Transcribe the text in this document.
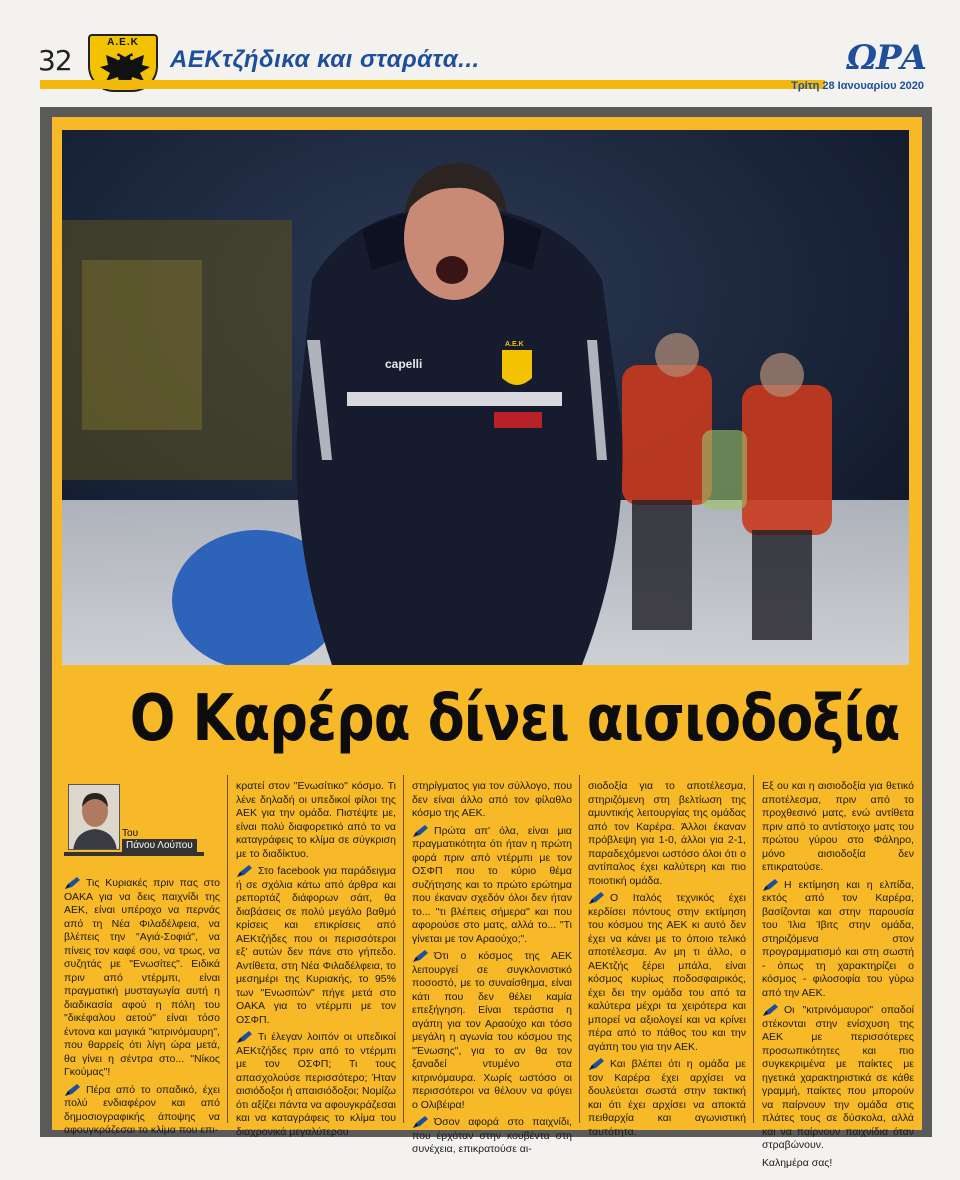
32
Α.Ε.Κ
AEKτζήδικα και σταράτα...	ΩΡΑ
Τρίτη 28 Ιανουαρίου 2020
capelli
Α.Ε.Κ
Ο Καρέρα δίνει αισιοδοξία
Του
Πάνου Λούπου

Τις Κυριακές πριν πας στο ΟΑΚΑ για να δεις παιχνίδι της ΑΕΚ, είναι υπέροχο να περνάς από τη Νέα Φιλαδέλφεια, να βλέπεις την "Αγιά-Σοφιά", να πίνεις τον καφέ σου, να τρως, να συζητάς με "Ενωσίτες". Ειδικά πριν από ντέρμπι, είναι πραγματική μυσταγωγία αυτή η διαδικασία αφού η πόλη του "δικέφαλου αετού" είναι τόσο έντονα και μαγικά "κιτρινόμαυρη", που θαρρείς ότι λίγη ώρα μετά, θα γίνει η σέντρα στο... "Νίκος Γκούμας"!

Πέρα από το οπαδικό, έχει πολύ ενδιαφέρον και από δημοσιογραφικής άποψης να αφουγκράζεσαι το κλίμα που επι-

κρατεί στον "Ενωσίτικο" κόσμο. Τι λένε δηλαδή οι υπεδικοί φίλοι της ΑΕΚ για την ομάδα. Πιστέψτε με, είναι πολύ διαφορετικό από το να καταγράφεις το κλίμα σε σύγκριση με το διαδίκτυο.

Στο facebook για παράδειγμα ή σε σχόλια κάτω από άρθρα και ρεπορτάζ διάφορων σάιτ, θα διαβάσεις σε πολύ μεγάλο βαθμό κρίσεις και επικρίσεις από ΑΕΚτζήδες που οι περισσότεροι εξ' αυτών δεν πάνε στο γήπεδο. Αντίθετα, στη Νέα Φιλαδέλφεια, το μεσημέρι της Κυριακής, το 95% των "Ενωσιτών" πήγε μετά στο ΟΑΚΑ για το ντέρμπι με τον ΟΣΦΠ.

Τι έλεγαν λοιπόν οι υπεδικοί ΑΕΚτζήδες πριν από το ντέρμπι με τον ΟΣΦΠ; Τι τους απασχολούσε περισσότερο; Ήταν αισιόδοξοι ή απαισιόδοξοι; Νομίζω ότι αξίζει πάντα να αφουγκράζεσαι και να καταγράφεις το κλίμα του διαχρονικά μεγαλύτερου

στηρίγματος για τον σύλλογο, που δεν είναι άλλο από τον φίλαθλο κόσμο της ΑΕΚ.

Πρώτα απ' όλα, είναι μια πραγματικότητα ότι ήταν η πρώτη φορά πριν από ντέρμπι με τον ΟΣΦΠ που το κύριο θέμα συζήτησης και το πρώτο ερώτημα που έκαναν σχεδόν όλοι δεν ήταν το... "τι βλέπεις σήμερα" και που αφορούσε στο ματς, αλλά το... "Τι γίνεται με τον Αραούχο;".

Ότι ο κόσμος της ΑΕΚ λειτουργεί σε συγκλονιστικό ποσοστό, με το συναίσθημα, είναι κάτι που δεν θέλει καμία επεξήγηση. Είναι τεράστια η αγάπη για τον Αραούχο και τόσο μεγάλη η αγωνία του κόσμου της "Ένωσης", για το αν θα τον ξαναδεί ντυμένο στα κιτρινόμαυρα. Χωρίς ωστόσο οι περισσότεροι να θέλουν να φύγει ο Ολιβέιρα!

Όσον αφορά στο παιχνίδι, που έρχόταν στην κουβέντα στη συνέχεια, επικρατούσε αι-

σιοδοξία για το αποτέλεσμα, στηριζόμενη στη βελτίωση της αμυντικής λειτουργίας της ομάδας από τον Καρέρα. Άλλοι έκαναν πρόβλεψη για 1-0, άλλοι για 2-1, παραδεχόμενοι ωστόσο όλοι ότι ο αντίπαλος έχει καλύτερη και πιο ποιοτική ομάδα.

Ο Ιταλός τεχνικός έχει κερδίσει πόντους στην εκτίμηση του κόσμου της ΑΕΚ κι αυτό δεν έχει να κάνει με το όποιο τελικό αποτέλεσμα. Αν μη τι άλλο, ο ΑΕΚτζής ξέρει μπάλα, είναι κόσμος κυρίως ποδοσφαιρικός, έχει δει την ομάδα του από τα καλύτερα μέχρι τα χειρότερα και μπορεί να αξιολογεί και να κρίνει πέρα από το πάθος του και την αγάπη του για την ΑΕΚ.

Και βλέπει ότι η ομάδα με τον Καρέρα έχει αρχίσει να δουλεύεται σωστά στην τακτική και ότι έχει αρχίσει να αποκτά πειθαρχία και αγωνιστική ταυτότητα.

Εξ ου και η αισιοδοξία για θετικό αποτέλεσμα, πριν από το προχθεσινό ματς, ενώ αντίθετα πριν από το αντίστοιχο ματς του πρώτου γύρου στο Φάληρο, μόνο αισιοδοξία δεν επικρατούσε.

Η εκτίμηση και η ελπίδα, εκτός από τον Καρέρα, βασίζονται και στην παρουσία του Ίλια Ίβιτς στην ομάδα, στηριζόμενα στον προγραμματισμό και στη σωστή - όπως τη χαρακτηρίζει ο κόσμος - φιλοσοφία του γύρω από την ΑΕΚ.

Οι "κιτρινόμαυροι" οπαδοί στέκονται στην ενίσχυση της ΑΕΚ με περισσότερες προσωπικότητες και πιο συγκεκριμένα με παίκτες με ηγετικά χαρακτηριστικά σε κάθε γραμμή, παίκτες που μπορούν να παίρνουν την ομάδα στις πλάτες τους σε δύσκολα, αλλά και να παίρνουν παιχνίδια όταν στραβώνουν.

Καλημέρα σας!
